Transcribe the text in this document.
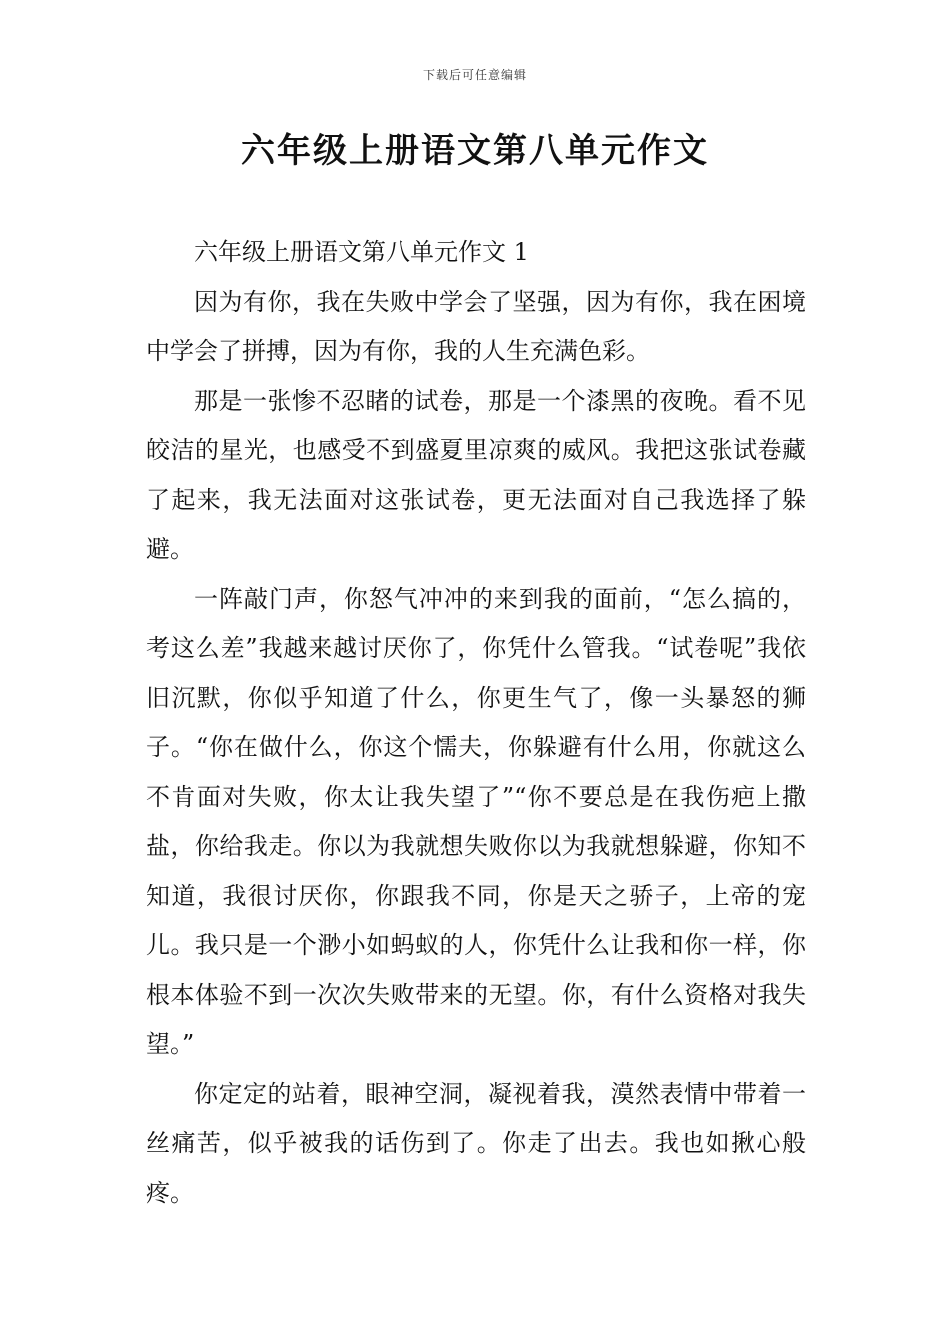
下载后可任意编辑
六年级上册语文第八单元作文

六年级上册语文第八单元作文 1

因为有你，我在失败中学会了坚强，因为有你，我在困境中学会了拼搏，因为有你，我的人生充满色彩。

那是一张惨不忍睹的试卷，那是一个漆黑的夜晚。看不见皎洁的星光，也感受不到盛夏里凉爽的威风。我把这张试卷藏了起来，我无法面对这张试卷，更无法面对自己我选择了躲避。

一阵敲门声，你怒气冲冲的来到我的面前，“怎么搞的，考这么差”我越来越讨厌你了，你凭什么管我。“试卷呢”我依旧沉默，你似乎知道了什么，你更生气了，像一头暴怒的狮子。“你在做什么，你这个懦夫，你躲避有什么用，你就这么不肯面对失败，你太让我失望了”“你不要总是在我伤疤上撒盐，你给我走。你以为我就想失败你以为我就想躲避，你知不知道，我很讨厌你，你跟我不同，你是天之骄子，上帝的宠儿。我只是一个渺小如蚂蚁的人，你凭什么让我和你一样，你根本体验不到一次次失败带来的无望。你，有什么资格对我失望。”

你定定的站着，眼神空洞，凝视着我，漠然表情中带着一丝痛苦，似乎被我的话伤到了。你走了出去。我也如揪心般疼。
